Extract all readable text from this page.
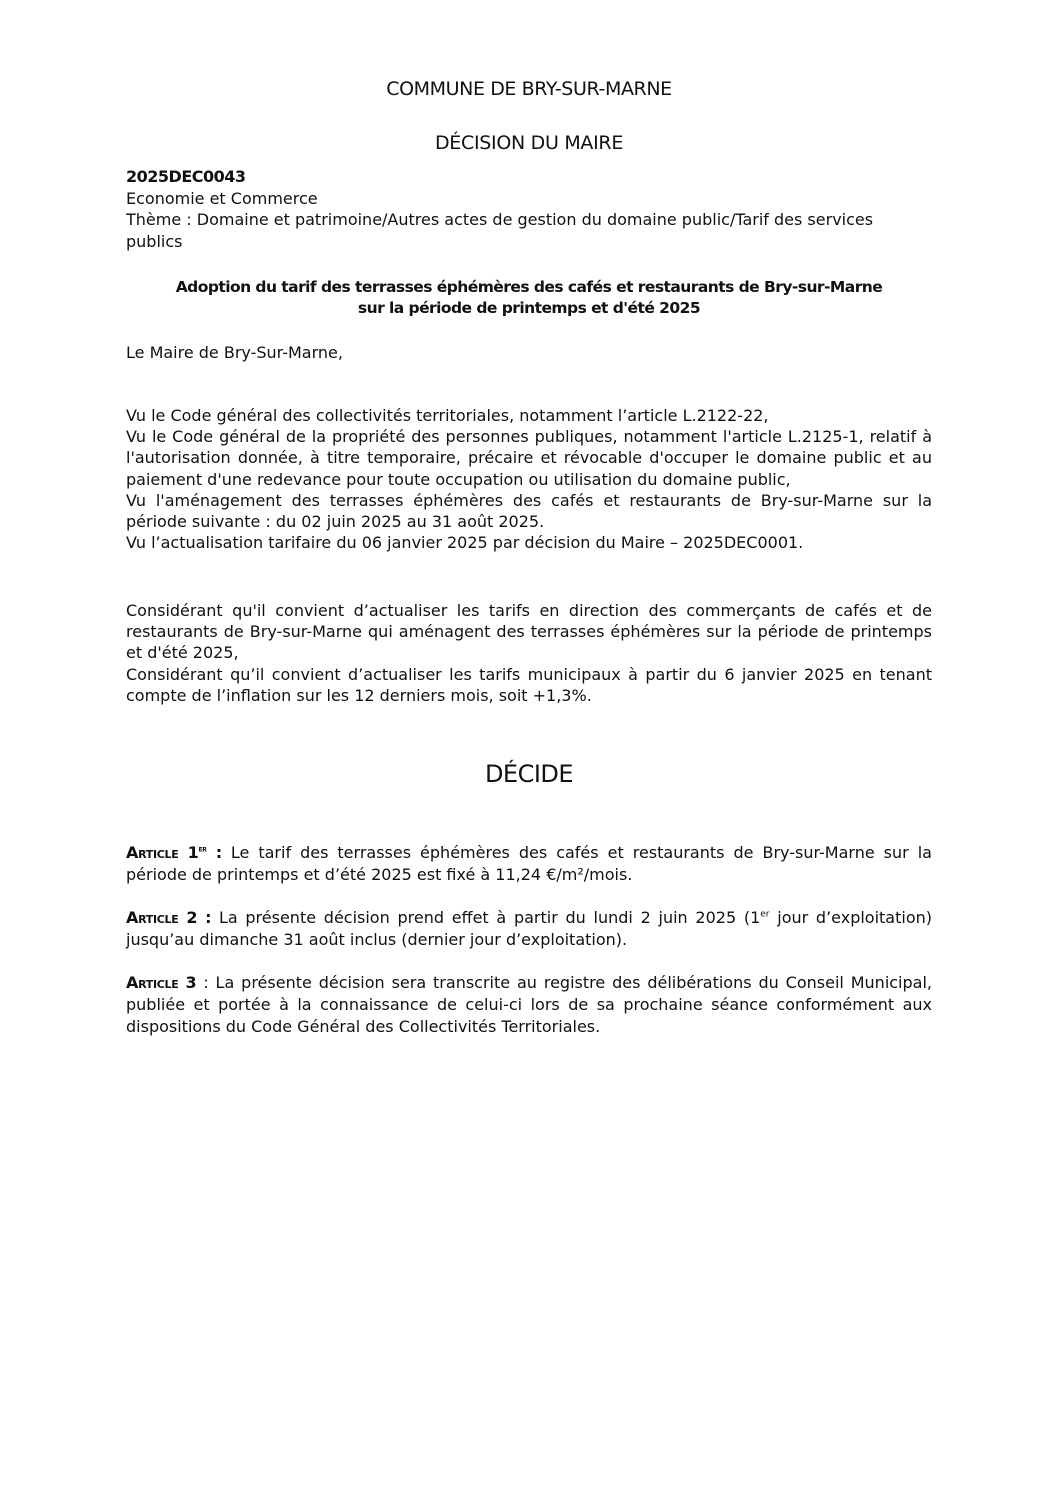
COMMUNE DE BRY-SUR-MARNE
DÉCISION DU MAIRE
2025DEC0043
Economie et Commerce
Thème : Domaine et patrimoine/Autres actes de gestion du domaine public/Tarif des services publics
Adoption du tarif des terrasses éphémères des cafés et restaurants de Bry-sur-Marne
sur la période de printemps et d'été 2025
Le Maire de Bry-Sur-Marne,

Vu le Code général des collectivités territoriales, notamment l’article L.2122-22,

Vu le Code général de la propriété des personnes publiques, notamment l'article L.2125-1, relatif à l'autorisation donnée, à titre temporaire, précaire et révocable d'occuper le domaine public et au paiement d'une redevance pour toute occupation ou utilisation du domaine public,

Vu l'aménagement des terrasses éphémères des cafés et restaurants de Bry-sur-Marne sur la période suivante : du 02 juin 2025 au 31 août 2025.

Vu l’actualisation tarifaire du 06 janvier 2025 par décision du Maire – 2025DEC0001.

Considérant qu'il convient d’actualiser les tarifs en direction des commerçants de cafés et de restaurants de Bry-sur-Marne qui aménagent des terrasses éphémères sur la période de printemps et d'été 2025,

Considérant qu’il convient d’actualiser les tarifs municipaux à partir du 6 janvier 2025 en tenant compte de l’inflation sur les 12 derniers mois, soit +1,3%.

DÉCIDE
Article 1er : Le tarif des terrasses éphémères des cafés et restaurants de Bry-sur-Marne sur la période de printemps et d’été 2025 est fixé à 11,24 €/m²/mois.
Article 2 : La présente décision prend effet à partir du lundi 2 juin 2025 (1er jour d’exploitation) jusqu’au dimanche 31 août inclus (dernier jour d’exploitation).
Article 3 : La présente décision sera transcrite au registre des délibérations du Conseil Municipal, publiée et portée à la connaissance de celui-ci lors de sa prochaine séance conformément aux dispositions du Code Général des Collectivités Territoriales.
